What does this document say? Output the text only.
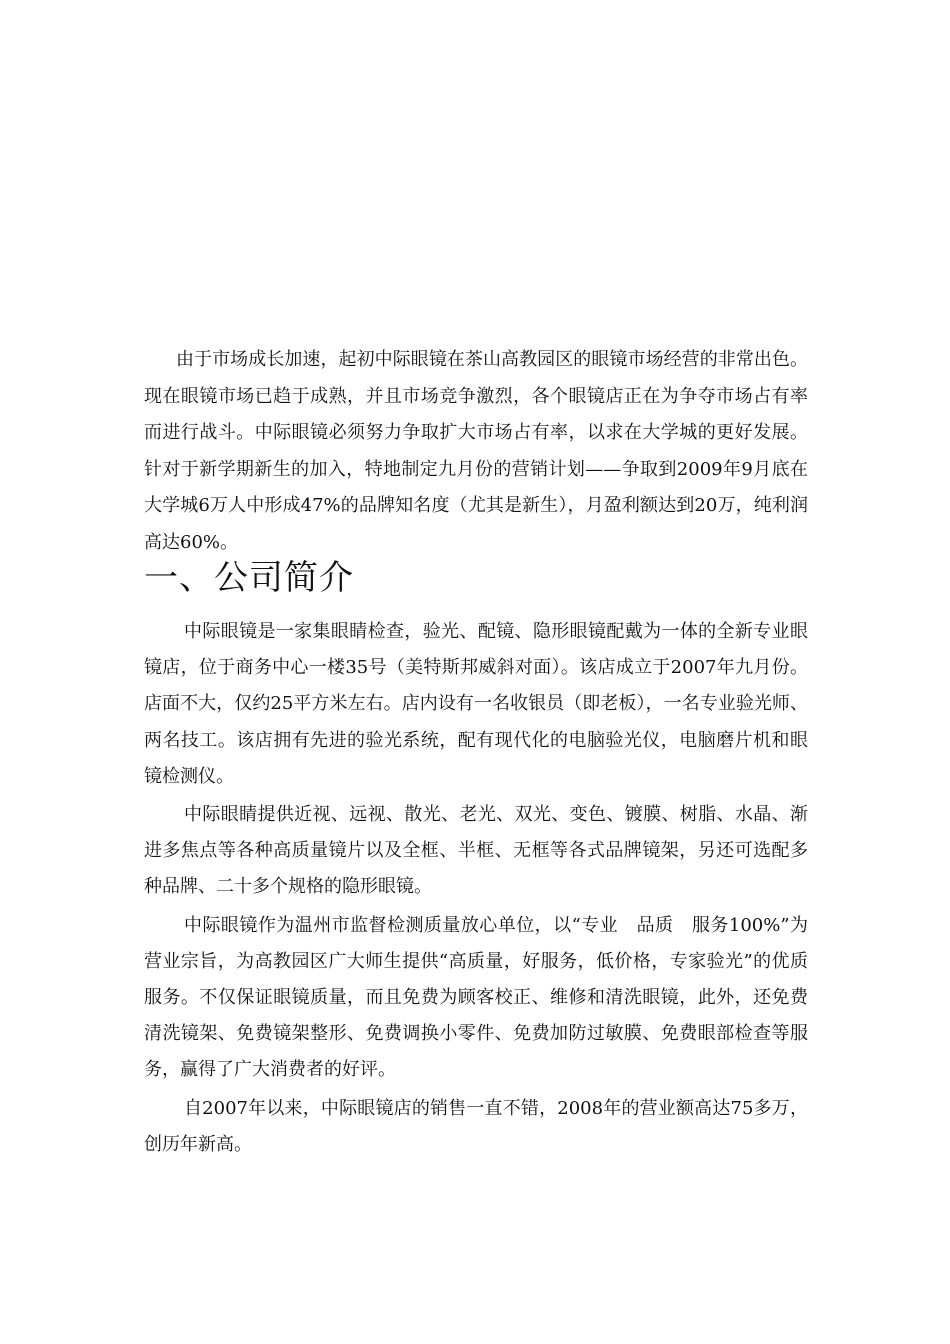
由于市场成长加速，起初中际眼镜在茶山高教园区的眼镜市场经营的非常出色。现在眼镜市场已趋于成熟，并且市场竞争激烈，各个眼镜店正在为争夺市场占有率而进行战斗。中际眼镜必须努力争取扩大市场占有率，以求在大学城的更好发展。针对于新学期新生的加入，特地制定九月份的营销计划——争取到2009年9月底在大学城6万人中形成47%的品牌知名度（尤其是新生），月盈利额达到20万，纯利润高达60%。

一、公司简介

中际眼镜是一家集眼睛检查，验光、配镜、隐形眼镜配戴为一体的全新专业眼镜店，位于商务中心一楼35号（美特斯邦威斜对面）。该店成立于2007年九月份。店面不大，仅约25平方米左右。店内设有一名收银员（即老板），一名专业验光师、两名技工。该店拥有先进的验光系统，配有现代化的电脑验光仪，电脑磨片机和眼镜检测仪。

中际眼睛提供近视、远视、散光、老光、双光、变色、镀膜、树脂、水晶、渐进多焦点等各种高质量镜片以及全框、半框、无框等各式品牌镜架，另还可选配多种品牌、二十多个规格的隐形眼镜。

中际眼镜作为温州市监督检测质量放心单位，以“专业　品质　服务100%”为营业宗旨，为高教园区广大师生提供“高质量，好服务，低价格，专家验光”的优质服务。不仅保证眼镜质量，而且免费为顾客校正、维修和清洗眼镜，此外，还免费清洗镜架、免费镜架整形、免费调换小零件、免费加防过敏膜、免费眼部检查等服务，赢得了广大消费者的好评。

自2007年以来，中际眼镜店的销售一直不错，2008年的营业额高达75多万，创历年新高。
